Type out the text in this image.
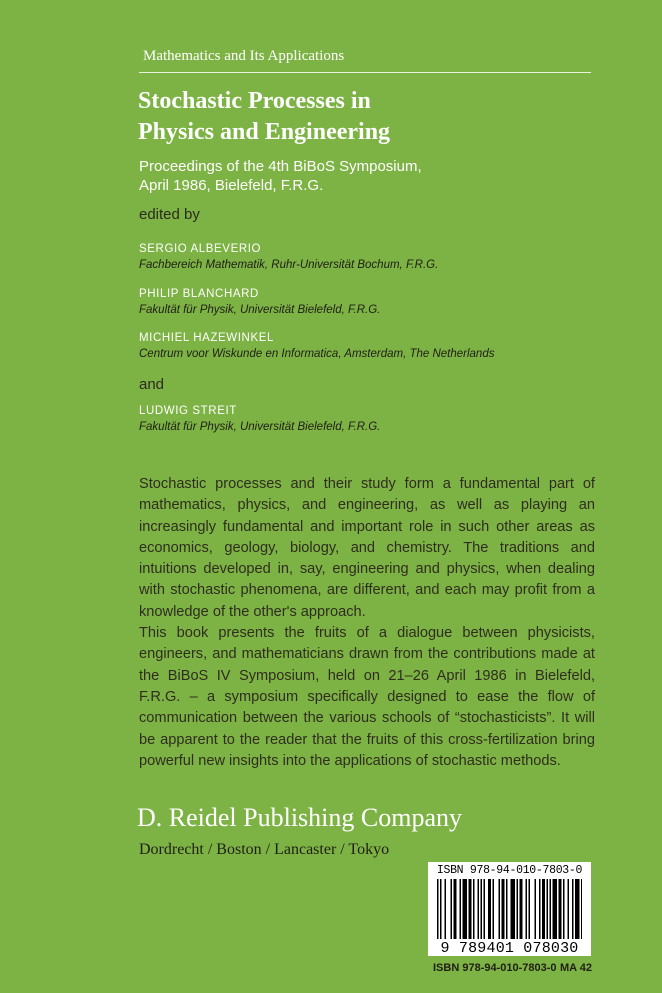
Mathematics and Its Applications
Stochastic Processes in
Physics and Engineering
Proceedings of the 4th BiBoS Symposium,
April 1986, Bielefeld, F.R.G.
edited by
SERGIO ALBEVERIO
Fachbereich Mathematik, Ruhr-Universität Bochum, F.R.G.
PHILIP BLANCHARD
Fakultät für Physik, Universität Bielefeld, F.R.G.
MICHIEL HAZEWINKEL
Centrum voor Wiskunde en Informatica, Amsterdam, The Netherlands
and
LUDWIG STREIT
Fakultät für Physik, Universität Bielefeld, F.R.G.

Stochastic processes and their study form a fundamental part of mathematics, physics, and engineering, as well as playing an increasingly fundamental and important role in such other areas as economics, geology, biology, and chemistry. The traditions and intuitions developed in, say, engineering and physics, when dealing with stochastic phenomena, are different, and each may profit from a knowledge of the other's approach.

This book presents the fruits of a dialogue between physicists, engineers, and mathematicians drawn from the contributions made at the BiBoS IV Symposium, held on 21–26 April 1986 in Bielefeld, F.R.G. – a symposium specifically designed to ease the flow of communication between the various schools of “stochasticists”. It will be apparent to the reader that the fruits of this cross-fertilization bring powerful new insights into the applications of stochastic methods.

D. Reidel Publishing Company
Dordrecht / Boston / Lancaster / Tokyo
ISBN 978-94-010-7803-0
9 789401 078030
ISBN 978-94-010-7803-0 MA 42
